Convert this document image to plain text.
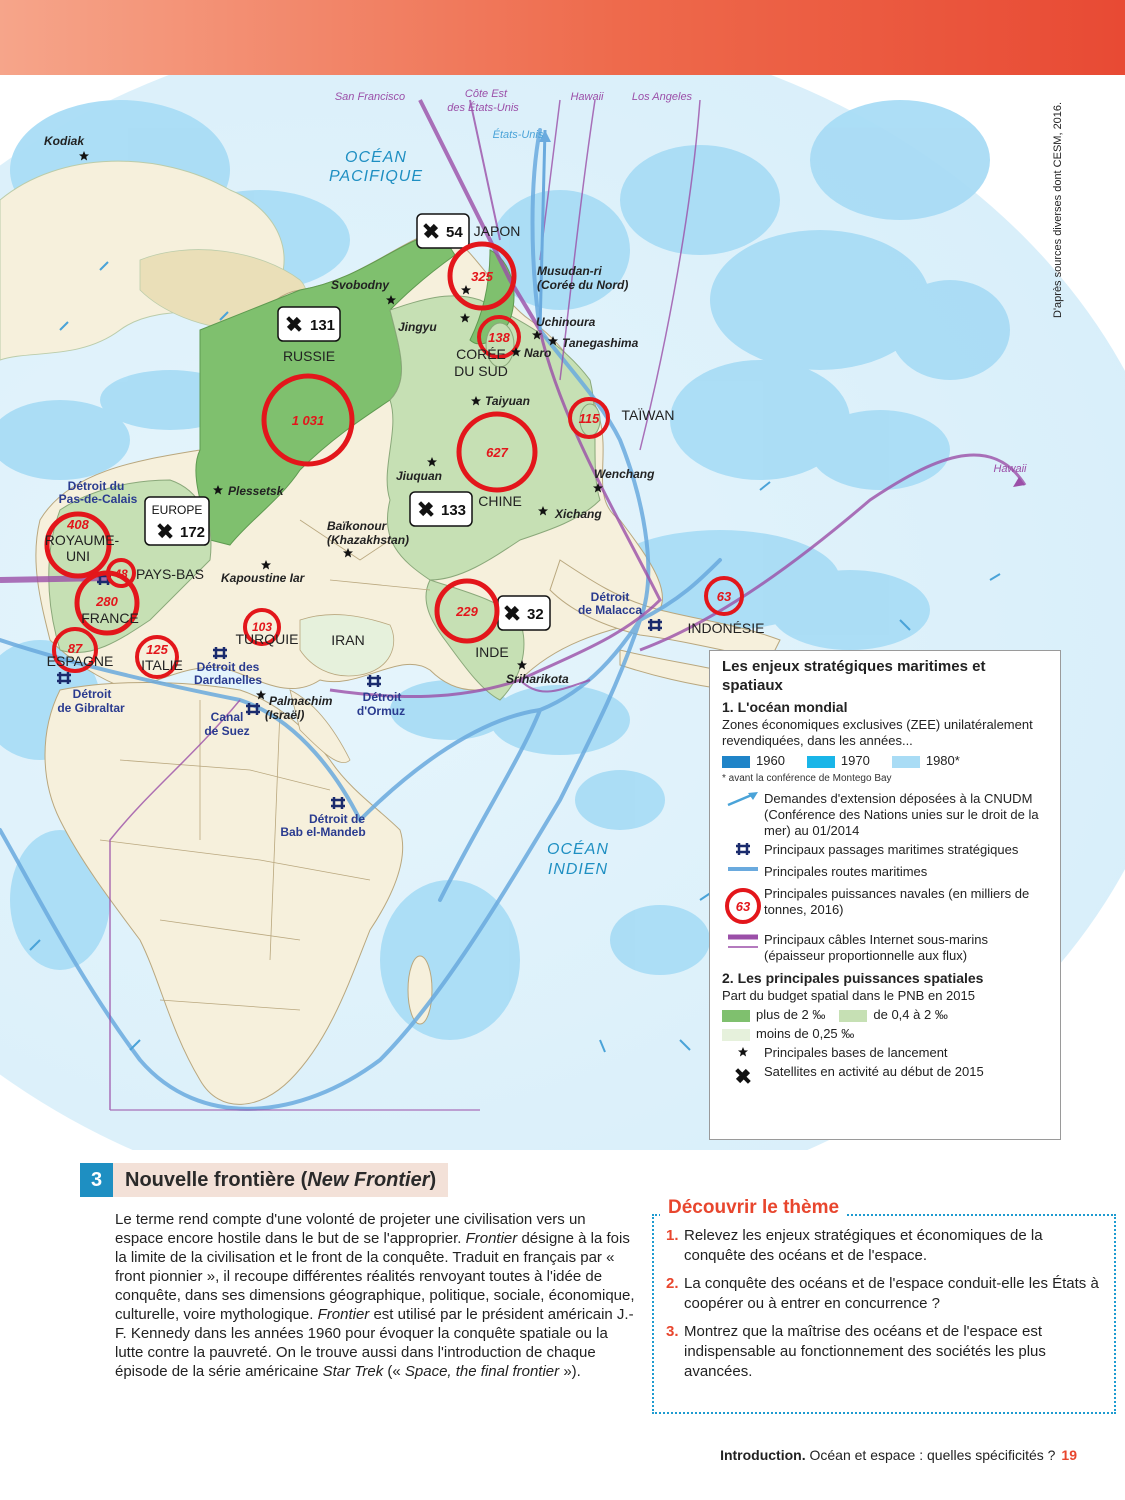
OCÉAN
PACIFIQUE
OCÉAN
INDIEN
San Francisco	Côte Est
des États-Unis
Hawaii	Los Angeles
États-Unis
Hawaii
54
131
133
EUROPE
172
32
1 031
627
325
138
115
229
63
408
48
280
87	125
103
JAPON
RUSSIE	CORÉE
DU SUD
TAÏWAN
CHINE
ROYAUME-
UNI
PAYS-BAS
FRANCE
ESPAGNE ITALIE
TURQUIE IRAN
INDE
INDONÉSIE
Kodiak
Svobodny
Musudan-ri
(Corée du Nord)
Jingyu	Uchinoura
Tanegashima
Naro
Taiyuan
Wenchang
Jiuquan
Xichang
Plessetsk
Baïkonour
(Khazakhstan)
Kapoustine Iar
Palmachim
(Israël)
Sriharikota
Détroit du
Pas-de-Calais
Détroit des
Dardanelles
Détroit
de Gibraltar
Canal
de Suez
Détroit
d'Ormuz
Détroit de
Bab el-Mandeb
Détroit
de Malacca
D'après sources diverses dont CESM, 2016.
Les enjeux stratégiques maritimes et spatiaux
1. L'océan mondial
Zones économiques exclusives (ZEE) unilatéralement revendiquées, dans les années...
1960	1970	1980*
* avant la conférence de Montego Bay
Demandes d'extension déposées à la CNUDM (Conférence des Nations unies sur le droit de la mer) au 01/2014
Principaux passages maritimes stratégiques
Principales routes maritimes
63
Principales puissances navales (en milliers de tonnes, 2016)
Principaux câbles Internet sous-marins (épaisseur proportionnelle aux flux)
2. Les principales puissances spatiales
Part du budget spatial dans le PNB en 2015
plus de 2 ‰	de 0,4 à 2 ‰
moins de 0,25 ‰
Principales bases de lancement
Satellites en activité au début de 2015
3	Nouvelle frontière ( New Frontier )
Le terme rend compte d'une volonté de projeter une civilisation vers un espace encore hostile dans le but de se l'approprier. Frontier désigne à la fois la limite de la civilisation et le front de la conquête. Traduit en français par « front pionnier », il recoupe différentes réalités renvoyant toutes à l'idée de conquête, dans ses dimensions géographique, politique, sociale, économique, culturelle, voire mythologique. Frontier est utilisé par le président américain J.-F. Kennedy dans les années 1960 pour évoquer la conquête spatiale ou la lutte contre la pauvreté. On le trouve aussi dans l'introduction de chaque épisode de la série américaine Star Trek (« Space, the final frontier »).
1. Relevez les enjeux stratégiques et économiques de la conquête des océans et de l'espace.
2. La conquête des océans et de l'espace conduit-elle les États à coopérer ou à entrer en concurrence ?
3. Montrez que la maîtrise des océans et de l'espace est indispensable au fonctionnement des sociétés les plus avancées.
Découvrir le thème
Introduction. Océan et espace : quelles spécificités ? 19
